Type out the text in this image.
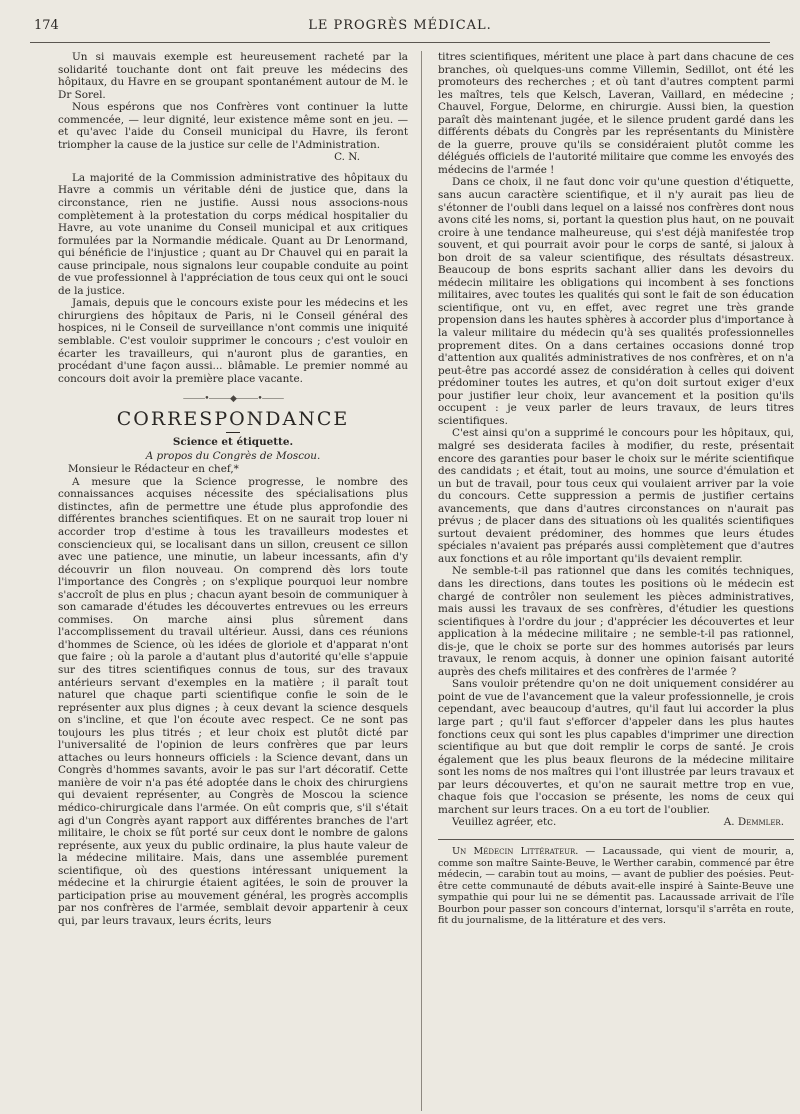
174	LE PROGRÈS MÉDICAL.

Un si mauvais exemple est heureusement racheté par la solidarité touchante dont ont fait preuve les médecins des hôpitaux, du Havre en se groupant spontanément autour de M. le Dr Sorel.

Nous espérons que nos Confrères vont continuer la lutte commencée, — leur dignité, leur existence même sont en jeu. — et qu'avec l'aide du Conseil municipal du Havre, ils feront triompher la cause de la justice sur celle de l'Administration.

C. N.

La majorité de la Commission administrative des hôpitaux du Havre a commis un véritable déni de justice que, dans la circonstance, rien ne justifie. Aussi nous associons-nous complètement à la protestation du corps médical hospitalier du Havre, au vote unanime du Conseil municipal et aux critiques formulées par la Normandie médicale. Quant au Dr Lenormand, qui bénéficie de l'injustice ; quant au Dr Chauvel qui en parait la cause principale, nous signalons leur coupable conduite au point de vue professionnel à l'appréciation de tous ceux qui ont le souci de la justice.

Jamais, depuis que le concours existe pour les médecins et les chirurgiens des hôpitaux de Paris, ni le Conseil général des hospices, ni le Conseil de surveillance n'ont commis une iniquité semblable. C'est vouloir supprimer le concours ; c'est vouloir en écarter les travailleurs, qui n'auront plus de garanties, en procédant d'une façon aussi... blâmable. Le premier nommé au concours doit avoir la première place vacante.

⸻•⸻◆⸻•⸻
CORRESPONDANCE
Science et étiquette.
A propos du Congrès de Moscou.
Monsieur le Rédacteur en chef,*

A mesure que la Science progresse, le nombre des connaissances acquises nécessite des spécialisations plus distinctes, afin de permettre une étude plus approfondie des différentes branches scientifiques. Et on ne saurait trop louer ni accorder trop d'estime à tous les travailleurs modestes et consciencieux qui, se localisant dans un sillon, creusent ce sillon avec une patience, une minutie, un labeur incessants, afin d'y découvrir un filon nouveau. On comprend dès lors toute l'importance des Congrès ; on s'explique pourquoi leur nombre s'accroît de plus en plus ; chacun ayant besoin de communiquer à son camarade d'études les découvertes entrevues ou les erreurs commises. On marche ainsi plus sûrement dans l'accomplissement du travail ultérieur. Aussi, dans ces réunions d'hommes de Science, où les idées de gloriole et d'apparat n'ont que faire ; où la parole a d'autant plus d'autorité qu'elle s'appuie sur des titres scientifiques connus de tous, sur des travaux antérieurs servant d'exemples en la matière ; il paraît tout naturel que chaque parti scientifique confie le soin de le représenter aux plus dignes ; à ceux devant la science desquels on s'incline, et que l'on écoute avec respect. Ce ne sont pas toujours les plus titrés ; et leur choix est plutôt dicté par l'universalité de l'opinion de leurs confrères que par leurs attaches ou leurs honneurs officiels : la Science devant, dans un Congrès d'hommes savants, avoir le pas sur l'art décoratif. Cette manière de voir n'a pas été adoptée dans le choix des chirurgiens qui devaient représenter, au Congrès de Moscou la science médico-chirurgicale dans l'armée. On eût compris que, s'il s'était agi d'un Congrès ayant rapport aux différentes branches de l'art militaire, le choix se fût porté sur ceux dont le nombre de galons représente, aux yeux du public ordinaire, la plus haute valeur de la médecine militaire. Mais, dans une assemblée purement scientifique, où des questions intéressant uniquement la médecine et la chirurgie étaient agitées, le soin de prouver la participation prise au mouvement général, les progrès accomplis par nos confrères de l'armée, semblait devoir appartenir à ceux qui, par leurs travaux, leurs écrits, leurs

titres scientifiques, méritent une place à part dans chacune de ces branches, où quelques-uns comme Villemin, Sedillot, ont été les promoteurs des recherches ; et où tant d'autres comptent parmi les maîtres, tels que Kelsch, Laveran, Vaillard, en médecine ; Chauvel, Forgue, Delorme, en chirurgie. Aussi bien, la question paraît dès maintenant jugée, et le silence prudent gardé dans les différents débats du Congrès par les représentants du Ministère de la guerre, prouve qu'ils se considéraient plutôt comme les délégués officiels de l'autorité militaire que comme les envoyés des médecins de l'armée !

Dans ce choix, il ne faut donc voir qu'une question d'étiquette, sans aucun caractère scientifique, et il n'y aurait pas lieu de s'étonner de l'oubli dans lequel on a laissé nos confrères dont nous avons cité les noms, si, portant la question plus haut, on ne pouvait croire à une tendance malheureuse, qui s'est déjà manifestée trop souvent, et qui pourrait avoir pour le corps de santé, si jaloux à bon droit de sa valeur scientifique, des résultats désastreux. Beaucoup de bons esprits sachant allier dans les devoirs du médecin militaire les obligations qui incombent à ses fonctions militaires, avec toutes les qualités qui sont le fait de son éducation scientifique, ont vu, en effet, avec regret une très grande propension dans les hautes sphères à accorder plus d'importance à la valeur militaire du médecin qu'à ses qualités professionnelles proprement dites. On a dans certaines occasions donné trop d'attention aux qualités administratives de nos confrères, et on n'a peut-être pas accordé assez de considération à celles qui doivent prédominer toutes les autres, et qu'on doit surtout exiger d'eux pour justifier leur choix, leur avancement et la position qu'ils occupent : je veux parler de leurs travaux, de leurs titres scientifiques.

C'est ainsi qu'on a supprimé le concours pour les hôpitaux, qui, malgré ses desiderata faciles à modifier, du reste, présentait encore des garanties pour baser le choix sur le mérite scientifique des candidats ; et était, tout au moins, une source d'émulation et un but de travail, pour tous ceux qui voulaient arriver par la voie du concours. Cette suppression a permis de justifier certains avancements, que dans d'autres circonstances on n'aurait pas prévus ; de placer dans des situations où les qualités scientifiques surtout devaient prédominer, des hommes que leurs études spéciales n'avaient pas préparés aussi complètement que d'autres aux fonctions et au rôle important qu'ils devaient remplir.

Ne semble-t-il pas rationnel que dans les comités techniques, dans les directions, dans toutes les positions où le médecin est chargé de contrôler non seulement les pièces administratives, mais aussi les travaux de ses confrères, d'étudier les questions scientifiques à l'ordre du jour ; d'apprécier les découvertes et leur application à la médecine militaire ; ne semble-t-il pas rationnel, dis-je, que le choix se porte sur des hommes autorisés par leurs travaux, le renom acquis, à donner une opinion faisant autorité auprès des chefs militaires et des confrères de l'armée ?

Sans vouloir prétendre qu'on ne doit uniquement considérer au point de vue de l'avancement que la valeur professionnelle, je crois cependant, avec beaucoup d'autres, qu'il faut lui accorder la plus large part ; qu'il faut s'efforcer d'appeler dans les plus hautes fonctions ceux qui sont les plus capables d'imprimer une direction scientifique au but que doit remplir le corps de santé. Je crois également que les plus beaux fleurons de la médecine militaire sont les noms de nos maîtres qui l'ont illustrée par leurs travaux et par leurs découvertes, et qu'on ne saurait mettre trop en vue, chaque fois que l'occasion se présente, les noms de ceux qui marchent sur leurs traces. On a eu tort de l'oublier.

Veuillez agréer, etc.	A. Demmler.

Un Médecin Littérateur. — Lacaussade, qui vient de mourir, a, comme son maître Sainte-Beuve, le Werther carabin, commencé par être médecin, — carabin tout au moins, — avant de publier des poésies. Peut-être cette communauté de débuts avait-elle inspiré à Sainte-Beuve une sympathie qui pour lui ne se démentit pas. Lacaussade arrivait de l'île Bourbon pour passer son concours d'internat, lorsqu'il s'arrêta en route, fit du journalisme, de la littérature et des vers.
